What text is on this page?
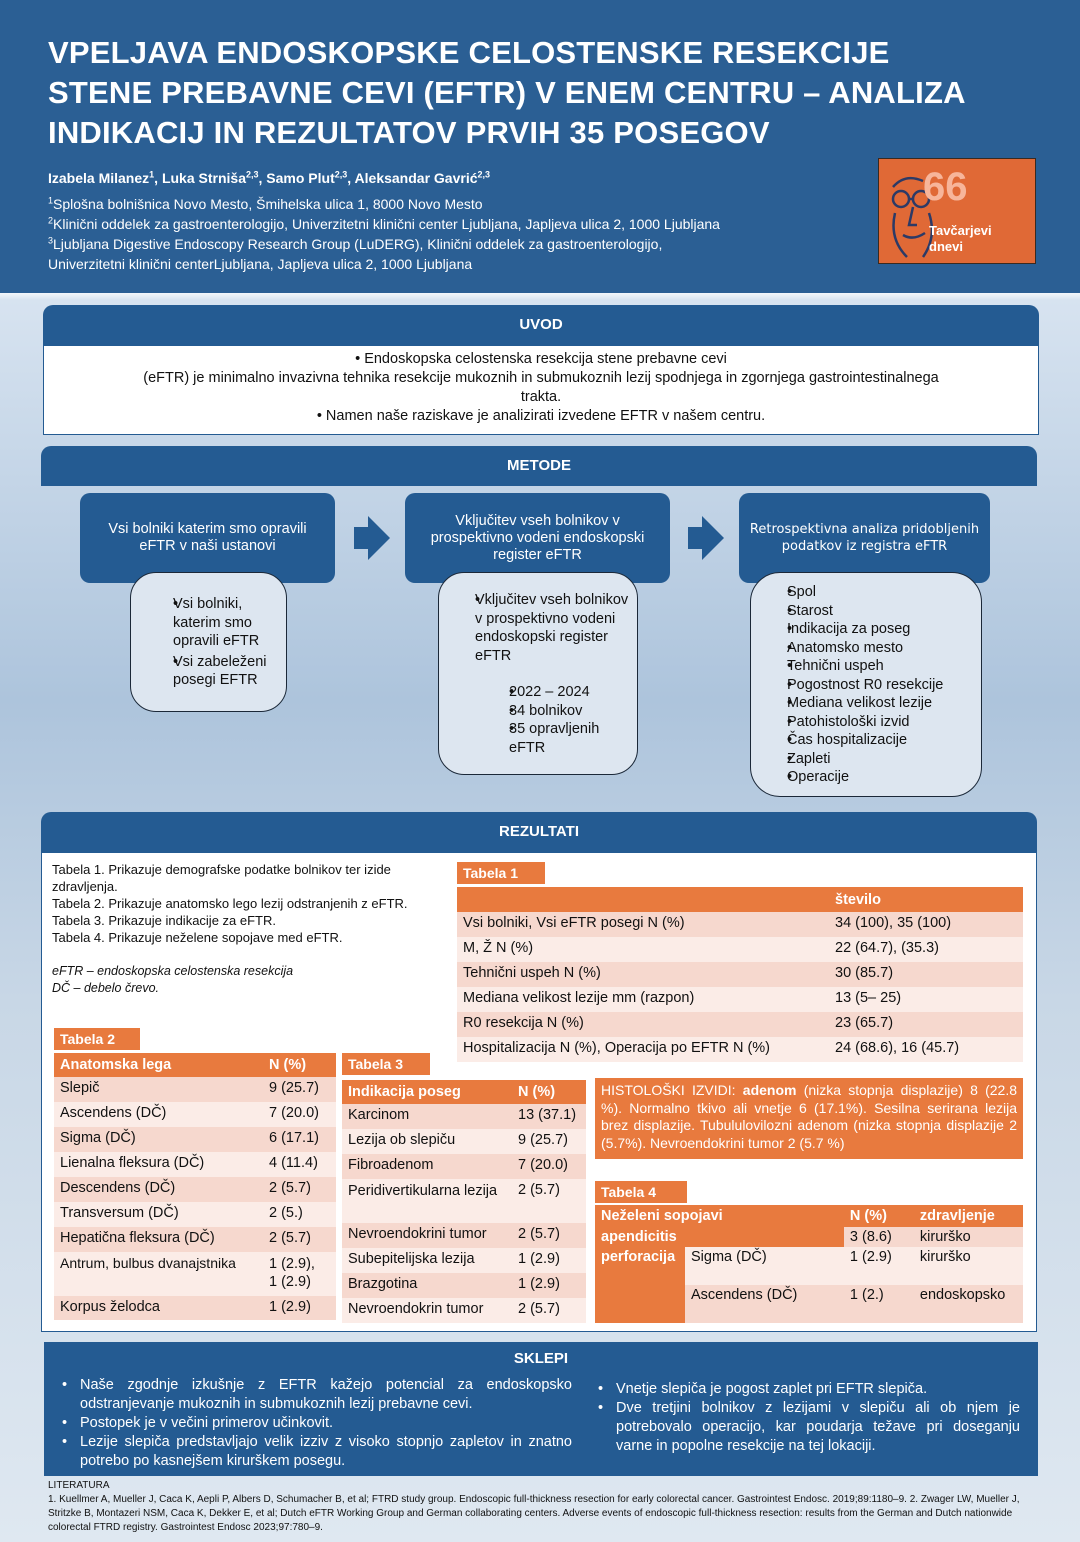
VPELJAVA ENDOSKOPSKE CELOSTENSKE RESEKCIJE
STENE PREBAVNE CEVI (EFTR) V ENEM CENTRU – ANALIZA
INDIKACIJ IN REZULTATOV PRVIH 35 POSEGOV
Izabela Milanez$^1$, Luka Strniša$^{2,3}$, Samo Plut$^{2,3}$, Aleksandar Gavrić$^{2,3}$
$^1$Splošna bolnišnica Novo Mesto, Šmihelska ulica 1, 8000 Novo Mesto
$^2$Klinični oddelek za gastroenterologijo, Univerzitetni klinični center Ljubljana, Japljeva ulica 2, 1000 Ljubljana
$^3$Ljubljana Digestive Endoscopy Research Group (LuDERG), Klinični oddelek za gastroenterologijo,
Univerzitetni klinični centerLjubljana, Japljeva ulica 2, 1000 Ljubljana
66
Tavčarjevi
dnevi
UVOD
• Endoskopska celostenska resekcija stene prebavne cevi
(eFTR) je minimalno invazivna tehnika resekcije mukoznih in submukoznih lezij spodnjega in zgornjega gastrointestinalnega
trakta.
• Namen naše raziskave je analizirati izvedene EFTR v našem centru.
METODE
Vsi bolniki katerim smo opravili eFTR v naši ustanovi
Vključitev vseh bolnikov v prospektivno vodeni endoskopski register eFTR
Retrospektivna analiza pridobljenih podatkov iz registra eFTR
• Vsi bolniki, katerim smo opravili eFTR
• Vsi zabeleženi posegi EFTR
• Vključitev vseh bolnikov v prospektivno vodeni endoskopski register eFTR
• 2022 – 2024
• 34 bolnikov
• 35 opravljenih eFTR
• Spol
• Starost
• Indikacija za poseg
• Anatomsko mesto
• Tehnični uspeh
• Pogostnost R0 resekcije
• Mediana velikost lezije
• Patohistološki izvid
• Čas hospitalizacije
• Zapleti
• Operacije
REZULTATI
Tabela 1. Prikazuje demografske podatke bolnikov ter izide zdravljenja.
Tabela 2. Prikazuje anatomsko lego lezij odstranjenih z eFTR.
Tabela 3. Prikazuje indikacije za eFTR.
Tabela 4. Prikazuje neželene sopojave med eFTR.
eFTR – endoskopska celostenska resekcija
DČ – debelo črevo.
Tabela 1
	število
Vsi bolniki, Vsi eFTR posegi N (%)	34 (100), 35 (100)
M, Ž N (%)	22 (64.7), (35.3)
Tehnični uspeh N (%)	30 (85.7)
Mediana velikost lezije mm (razpon)	13 (5– 25)
R0 resekcija N (%)	23 (65.7)
Hospitalizacija N (%), Operacija po EFTR N (%)	24 (68.6), 16 (45.7)
Tabela 2
Anatomska lega	N (%)
Slepič	9 (25.7)
Ascendens (DČ)	7 (20.0)
Sigma (DČ)	6 (17.1)
Lienalna fleksura (DČ)	4 (11.4)
Descendens (DČ)	2 (5.7)
Transversum (DČ)	2 (5.)
Hepatična fleksura (DČ)	2 (5.7)
Antrum, bulbus dvanajstnika	1 (2.9),
1 (2.9)
Korpus želodca	1 (2.9)
Tabela 3
Indikacija poseg	N (%)
Karcinom	13 (37.1)
Lezija ob slepiču	9 (25.7)
Fibroadenom	7 (20.0)
Peridivertikularna lezija	2 (5.7)
Nevroendokrini tumor	2 (5.7)
Subepitelijska lezija	1 (2.9)
Brazgotina	1 (2.9)
Nevroendokrin tumor	2 (5.7)
HISTOLOŠKI IZVIDI: adenom (nizka stopnja displazije) 8 (22.8 %). Normalno tkivo ali vnetje 6 (17.1%). Sesilna serirana lezija brez displazije. Tubululovilozni adenom (nizka stopnja displazije 2 (5.7%). Nevroendokrini tumor 2 (5.7 %)
Tabela 4
Neželeni sopojavi		N (%)	zdravljenje
apendicitis		3 (8.6)	kirurško
perforacija	Sigma (DČ)	1 (2.9)	kirurško
	Ascendens (DČ)	1 (2.)	endoskopsko
SKLEPI
• Naše zgodnje izkušnje z EFTR kažejo potencial za endoskopsko odstranjevanje mukoznih in submukoznih lezij prebavne cevi.
• Postopek je v večini primerov učinkovit.
• Lezije slepiča predstavljajo velik izziv z visoko stopnjo zapletov in znatno potrebo po kasnejšem kirurškem posegu.
• Vnetje slepiča je pogost zaplet pri EFTR slepiča.
• Dve tretjini bolnikov z lezijami v slepiču ali ob njem je potrebovalo operacijo, kar poudarja težave pri doseganju varne in popolne resekcije na tej lokaciji.
LITERATURA
1. Kuellmer A, Mueller J, Caca K, Aepli P, Albers D, Schumacher B, et al; FTRD study group. Endoscopic full-thickness resection for early colorectal cancer. Gastrointest Endosc. 2019;89:1180–9. 2. Zwager LW, Mueller J, Stritzke B, Montazeri NSM, Caca K, Dekker E, et al; Dutch eFTR Working Group and German collaborating centers. Adverse events of endoscopic full-thickness resection: results from the German and Dutch nationwide colorectal FTRD registry. Gastrointest Endosc 2023;97:780–9.
